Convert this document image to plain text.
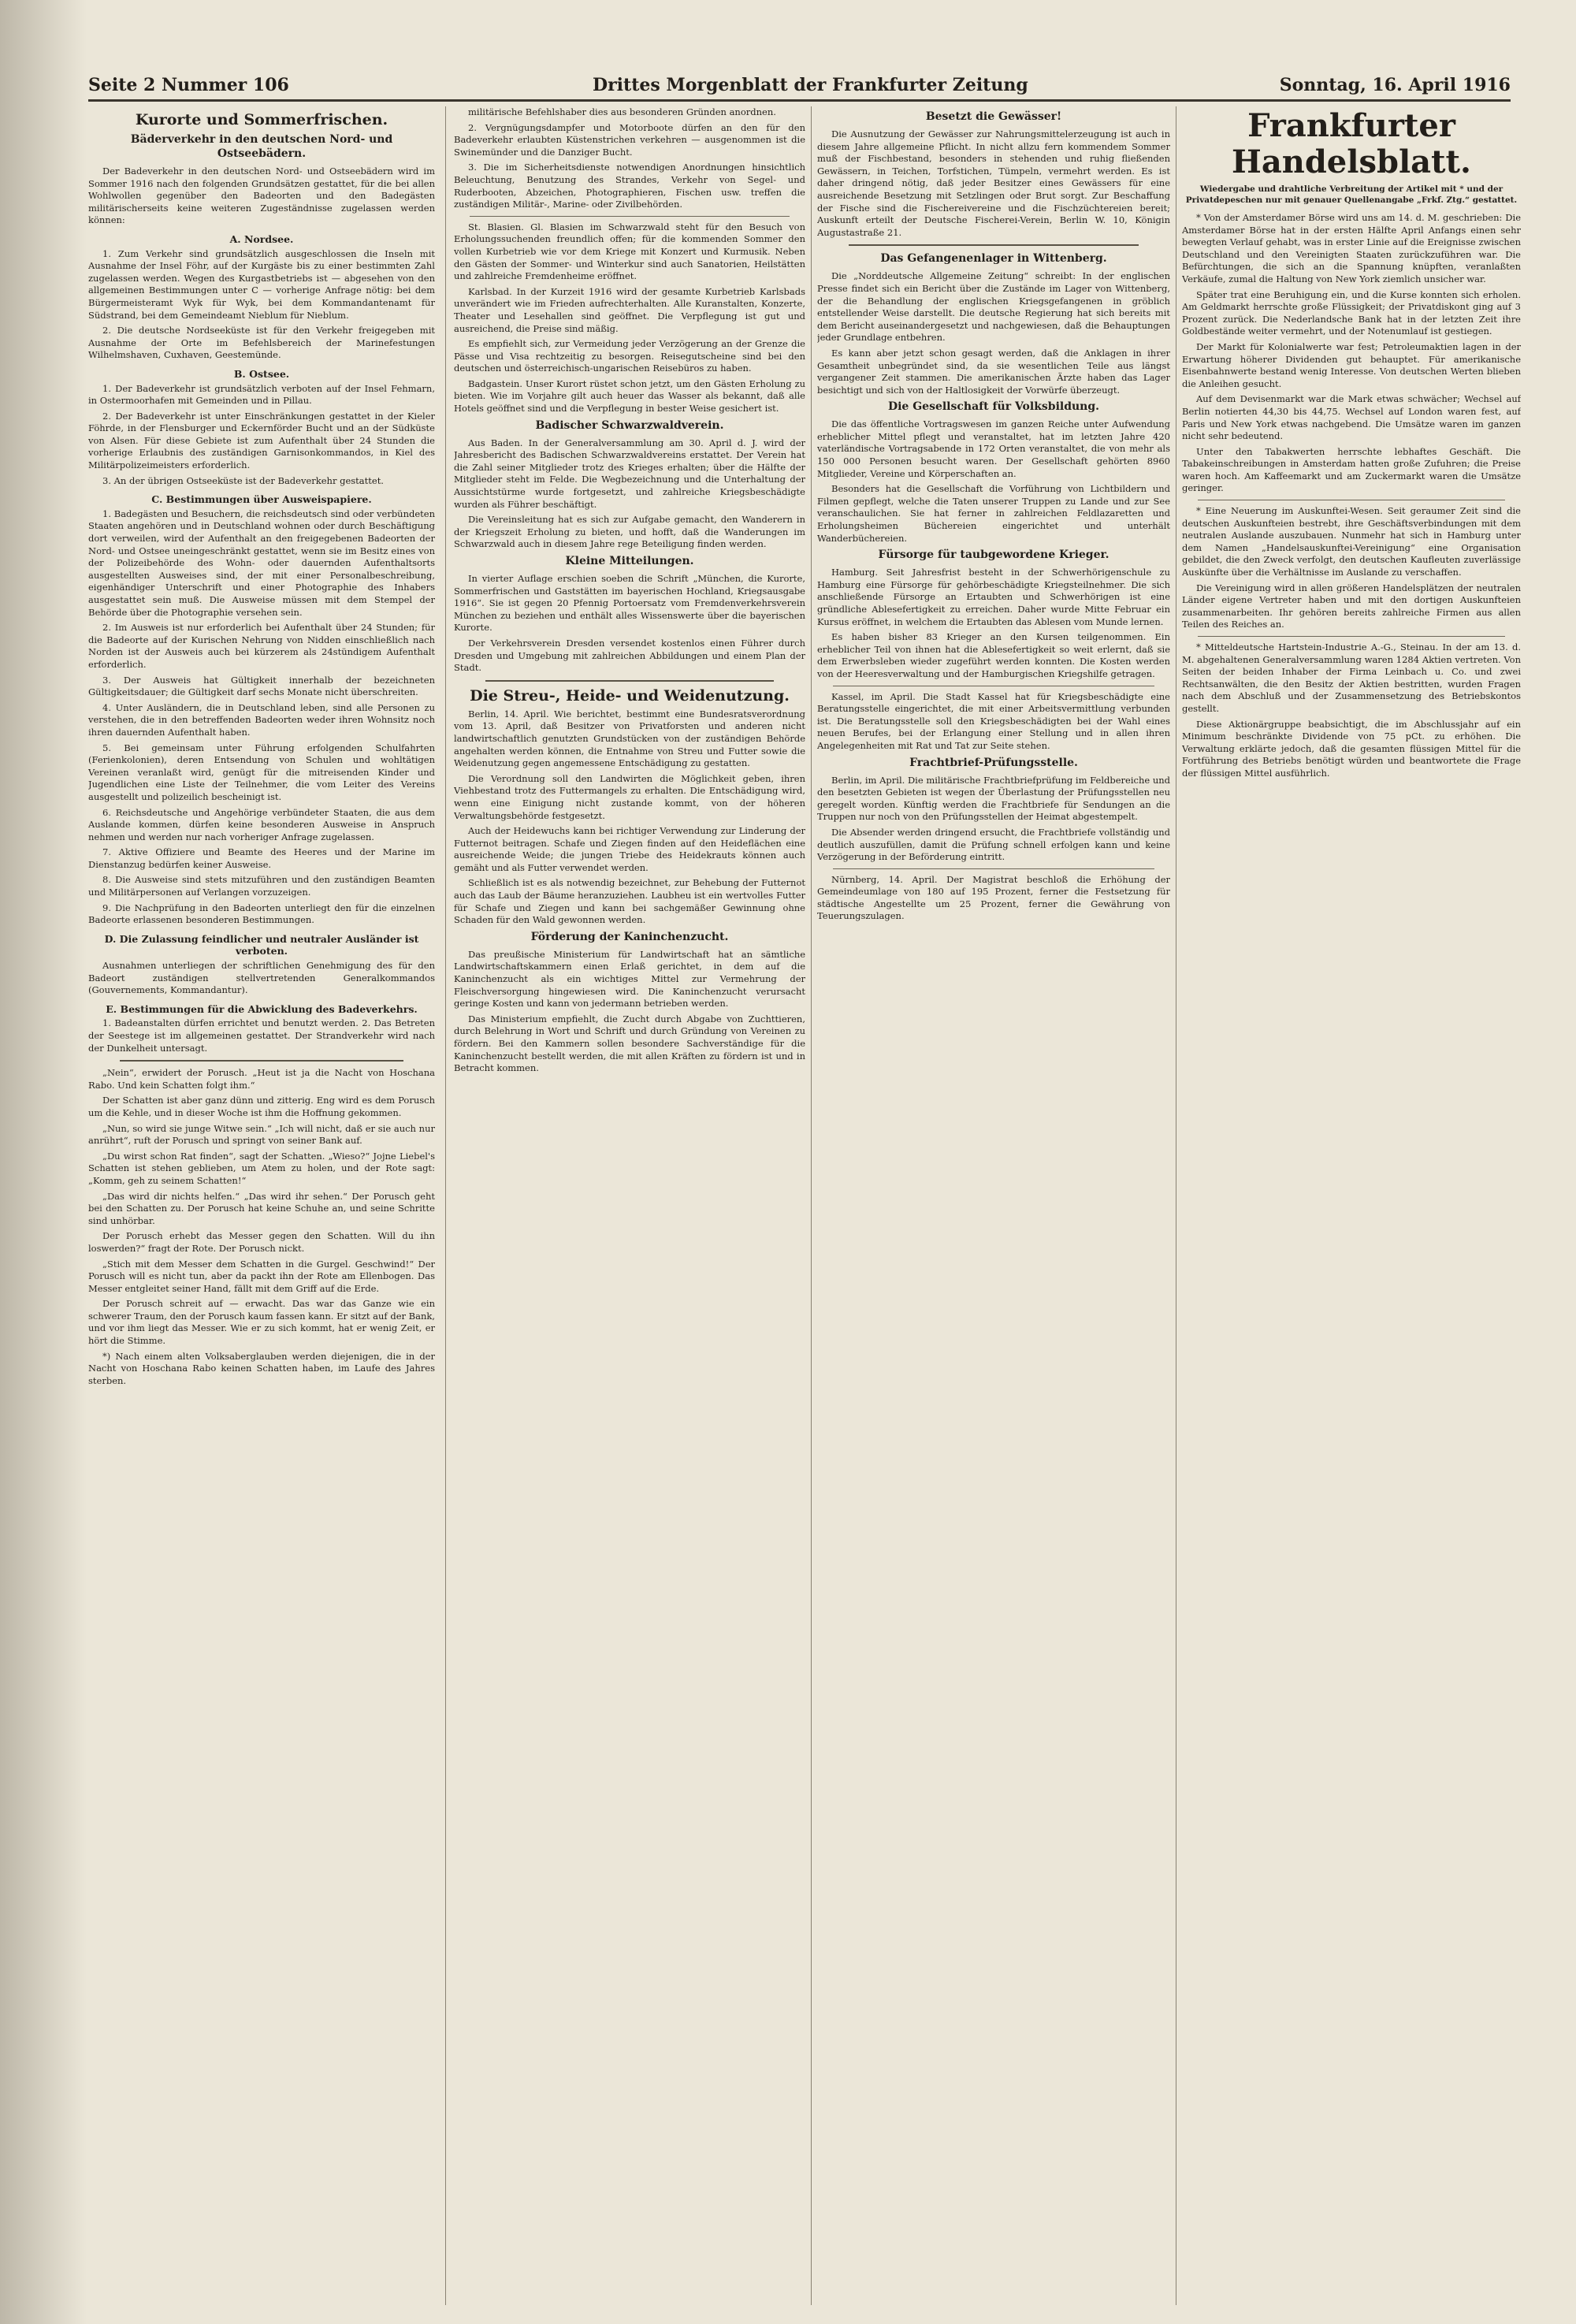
Seite 2 Nummer 106	Drittes Morgenblatt der Frankfurter Zeitung	Sonntag, 16. April 1916
Kurorte und Sommerfrischen.
Bäderverkehr in den deutschen Nord- und Ostseebädern.

Der Badeverkehr in den deutschen Nord- und Ostseebädern wird im Sommer 1916 nach den folgenden Grundsätzen gestattet, für die bei allen Wohlwollen gegenüber den Badeorten und den Badegästen militärischerseits keine weiteren Zugeständnisse zugelassen werden können:

A. Nordsee.

1. Zum Verkehr sind grundsätzlich ausgeschlossen die Inseln mit Ausnahme der Insel Föhr, auf der Kurgäste bis zu einer bestimmten Zahl zugelassen werden. Wegen des Kurgastbetriebs ist — abgesehen von den allgemeinen Bestimmungen unter C — vorherige Anfrage nötig: bei dem Bürgermeisteramt Wyk für Wyk, bei dem Kommandantenamt für Südstrand, bei dem Gemeindeamt Nieblum für Nieblum.

2. Die deutsche Nordseeküste ist für den Verkehr freigegeben mit Ausnahme der Orte im Befehlsbereich der Marinefestungen Wilhelmshaven, Cuxhaven, Geestemünde.

B. Ostsee.

1. Der Badeverkehr ist grundsätzlich verboten auf der Insel Fehmarn, in Ostermoorhafen mit Gemeinden und in Pillau.

2. Der Badeverkehr ist unter Einschränkungen gestattet in der Kieler Föhrde, in der Flensburger und Eckernförder Bucht und an der Südküste von Alsen. Für diese Gebiete ist zum Aufenthalt über 24 Stunden die vorherige Erlaubnis des zuständigen Garnisonkommandos, in Kiel des Militärpolizeimeisters erforderlich.

3. An der übrigen Ostseeküste ist der Badeverkehr gestattet.

C. Bestimmungen über Ausweispapiere.

1. Badegästen und Besuchern, die reichsdeutsch sind oder verbündeten Staaten angehören und in Deutschland wohnen oder durch Beschäftigung dort verweilen, wird der Aufenthalt an den freigegebenen Badeorten der Nord- und Ostsee uneingeschränkt gestattet, wenn sie im Besitz eines von der Polizeibehörde des Wohn- oder dauernden Aufenthaltsorts ausgestellten Ausweises sind, der mit einer Personalbeschreibung, eigenhändiger Unterschrift und einer Photographie des Inhabers ausgestattet sein muß. Die Ausweise müssen mit dem Stempel der Behörde über die Photographie versehen sein.

2. Im Ausweis ist nur erforderlich bei Aufenthalt über 24 Stunden; für die Badeorte auf der Kurischen Nehrung von Nidden einschließlich nach Norden ist der Ausweis auch bei kürzerem als 24stündigem Aufenthalt erforderlich.

3. Der Ausweis hat Gültigkeit innerhalb der bezeichneten Gültigkeitsdauer; die Gültigkeit darf sechs Monate nicht überschreiten.

4. Unter Ausländern, die in Deutschland leben, sind alle Personen zu verstehen, die in den betreffenden Badeorten weder ihren Wohnsitz noch ihren dauernden Aufenthalt haben.

5. Bei gemeinsam unter Führung erfolgenden Schulfahrten (Ferienkolonien), deren Entsendung von Schulen und wohltätigen Vereinen veranlaßt wird, genügt für die mitreisenden Kinder und Jugendlichen eine Liste der Teilnehmer, die vom Leiter des Vereins ausgestellt und polizeilich bescheinigt ist.

6. Reichsdeutsche und Angehörige verbündeter Staaten, die aus dem Auslande kommen, dürfen keine besonderen Ausweise in Anspruch nehmen und werden nur nach vorheriger Anfrage zugelassen.

7. Aktive Offiziere und Beamte des Heeres und der Marine im Dienstanzug bedürfen keiner Ausweise.

8. Die Ausweise sind stets mitzuführen und den zuständigen Beamten und Militärpersonen auf Verlangen vorzuzeigen.

9. Die Nachprüfung in den Badeorten unterliegt den für die einzelnen Badeorte erlassenen besonderen Bestimmungen.

D. Die Zulassung feindlicher und neutraler Ausländer ist verboten.

Ausnahmen unterliegen der schriftlichen Genehmigung des für den Badeort zuständigen stellvertretenden Generalkommandos (Gouvernements, Kommandantur).

E. Bestimmungen für die Abwicklung des Badeverkehrs.

1. Badeanstalten dürfen errichtet und benutzt werden. 2. Das Betreten der Seestege ist im allgemeinen gestattet. Der Strandverkehr wird nach der Dunkelheit untersagt.

„Nein“, erwidert der Porusch. „Heut ist ja die Nacht von Hoschana Rabo. Und kein Schatten folgt ihm.“

Der Schatten ist aber ganz dünn und zitterig. Eng wird es dem Porusch um die Kehle, und in dieser Woche ist ihm die Hoffnung gekommen.

„Nun, so wird sie junge Witwe sein.“ „Ich will nicht, daß er sie auch nur anrührt“, ruft der Porusch und springt von seiner Bank auf.

„Du wirst schon Rat finden“, sagt der Schatten. „Wieso?“ Jojne Liebel's Schatten ist stehen geblieben, um Atem zu holen, und der Rote sagt: „Komm, geh zu seinem Schatten!“

„Das wird dir nichts helfen.“ „Das wird ihr sehen.“ Der Porusch geht bei den Schatten zu. Der Porusch hat keine Schuhe an, und seine Schritte sind unhörbar.

Der Porusch erhebt das Messer gegen den Schatten. Will du ihn loswerden?“ fragt der Rote. Der Porusch nickt.

„Stich mit dem Messer dem Schatten in die Gurgel. Geschwind!“ Der Porusch will es nicht tun, aber da packt ihn der Rote am Ellenbogen. Das Messer entgleitet seiner Hand, fällt mit dem Griff auf die Erde.

Der Porusch schreit auf — erwacht. Das war das Ganze wie ein schwerer Traum, den der Porusch kaum fassen kann. Er sitzt auf der Bank, und vor ihm liegt das Messer. Wie er zu sich kommt, hat er wenig Zeit, er hört die Stimme.

*) Nach einem alten Volksaberglauben werden diejenigen, die in der Nacht von Hoschana Rabo keinen Schatten haben, im Laufe des Jahres sterben.

militärische Befehlshaber dies aus besonderen Gründen anordnen.

2. Vergnügungsdampfer und Motorboote dürfen an den für den Badeverkehr erlaubten Küstenstrichen verkehren — ausgenommen ist die Swinemünder und die Danziger Bucht.

3. Die im Sicherheitsdienste notwendigen Anordnungen hinsichtlich Beleuchtung, Benutzung des Strandes, Verkehr von Segel- und Ruderbooten, Abzeichen, Photographieren, Fischen usw. treffen die zuständigen Militär-, Marine- oder Zivilbehörden.

St. Blasien. Gl. Blasien im Schwarzwald steht für den Besuch von Erholungssuchenden freundlich offen; für die kommenden Sommer den vollen Kurbetrieb wie vor dem Kriege mit Konzert und Kurmusik. Neben den Gästen der Sommer- und Winterkur sind auch Sanatorien, Heilstätten und zahlreiche Fremdenheime eröffnet.

Karlsbad. In der Kurzeit 1916 wird der gesamte Kurbetrieb Karlsbads unverändert wie im Frieden aufrechterhalten. Alle Kuranstalten, Konzerte, Theater und Lesehallen sind geöffnet. Die Verpflegung ist gut und ausreichend, die Preise sind mäßig.

Es empfiehlt sich, zur Vermeidung jeder Verzögerung an der Grenze die Pässe und Visa rechtzeitig zu besorgen. Reisegutscheine sind bei den deutschen und österreichisch-ungarischen Reisebüros zu haben.

Badgastein. Unser Kurort rüstet schon jetzt, um den Gästen Erholung zu bieten. Wie im Vorjahre gilt auch heuer das Wasser als bekannt, daß alle Hotels geöffnet sind und die Verpflegung in bester Weise gesichert ist.

Badischer Schwarzwaldverein.

Aus Baden. In der Generalversammlung am 30. April d. J. wird der Jahresbericht des Badischen Schwarzwaldvereins erstattet. Der Verein hat die Zahl seiner Mitglieder trotz des Krieges erhalten; über die Hälfte der Mitglieder steht im Felde. Die Wegbezeichnung und die Unterhaltung der Aussichtstürme wurde fortgesetzt, und zahlreiche Kriegsbeschädigte wurden als Führer beschäftigt.

Die Vereinsleitung hat es sich zur Aufgabe gemacht, den Wanderern in der Kriegszeit Erholung zu bieten, und hofft, daß die Wanderungen im Schwarzwald auch in diesem Jahre rege Beteiligung finden werden.

Kleine Mitteilungen.

In vierter Auflage erschien soeben die Schrift „München, die Kurorte, Sommerfrischen und Gaststätten im bayerischen Hochland, Kriegsausgabe 1916“. Sie ist gegen 20 Pfennig Portoersatz vom Fremdenverkehrsverein München zu beziehen und enthält alles Wissenswerte über die bayerischen Kurorte.

Der Verkehrsverein Dresden versendet kostenlos einen Führer durch Dresden und Umgebung mit zahlreichen Abbildungen und einem Plan der Stadt.

Die Streu-, Heide- und Weidenutzung.

Berlin, 14. April. Wie berichtet, bestimmt eine Bundesratsverordnung vom 13. April, daß Besitzer von Privatforsten und anderen nicht landwirtschaftlich genutzten Grundstücken von der zuständigen Behörde angehalten werden können, die Entnahme von Streu und Futter sowie die Weidenutzung gegen angemessene Entschädigung zu gestatten.

Die Verordnung soll den Landwirten die Möglichkeit geben, ihren Viehbestand trotz des Futtermangels zu erhalten. Die Entschädigung wird, wenn eine Einigung nicht zustande kommt, von der höheren Verwaltungsbehörde festgesetzt.

Auch der Heidewuchs kann bei richtiger Verwendung zur Linderung der Futternot beitragen. Schafe und Ziegen finden auf den Heideflächen eine ausreichende Weide; die jungen Triebe des Heidekrauts können auch gemäht und als Futter verwendet werden.

Schließlich ist es als notwendig bezeichnet, zur Behebung der Futternot auch das Laub der Bäume heranzuziehen. Laubheu ist ein wertvolles Futter für Schafe und Ziegen und kann bei sachgemäßer Gewinnung ohne Schaden für den Wald gewonnen werden.

Förderung der Kaninchenzucht.

Das preußische Ministerium für Landwirtschaft hat an sämtliche Landwirtschaftskammern einen Erlaß gerichtet, in dem auf die Kaninchenzucht als ein wichtiges Mittel zur Vermehrung der Fleischversorgung hingewiesen wird. Die Kaninchenzucht verursacht geringe Kosten und kann von jedermann betrieben werden.

Das Ministerium empfiehlt, die Zucht durch Abgabe von Zuchttieren, durch Belehrung in Wort und Schrift und durch Gründung von Vereinen zu fördern. Bei den Kammern sollen besondere Sachverständige für die Kaninchenzucht bestellt werden, die mit allen Kräften zu fördern ist und in Betracht kommen.

Besetzt die Gewässer!

Die Ausnutzung der Gewässer zur Nahrungsmittelerzeugung ist auch in diesem Jahre allgemeine Pflicht. In nicht allzu fern kommendem Sommer muß der Fischbestand, besonders in stehenden und ruhig fließenden Gewässern, in Teichen, Torfstichen, Tümpeln, vermehrt werden. Es ist daher dringend nötig, daß jeder Besitzer eines Gewässers für eine ausreichende Besetzung mit Setzlingen oder Brut sorgt. Zur Beschaffung der Fische sind die Fischereivereine und die Fischzüchtereien bereit; Auskunft erteilt der Deutsche Fischerei-Verein, Berlin W. 10, Königin Augustastraße 21.

Das Gefangenenlager in Wittenberg.

Die „Norddeutsche Allgemeine Zeitung“ schreibt: In der englischen Presse findet sich ein Bericht über die Zustände im Lager von Wittenberg, der die Behandlung der englischen Kriegsgefangenen in gröblich entstellender Weise darstellt. Die deutsche Regierung hat sich bereits mit dem Bericht auseinandergesetzt und nachgewiesen, daß die Behauptungen jeder Grundlage entbehren.

Es kann aber jetzt schon gesagt werden, daß die Anklagen in ihrer Gesamtheit unbegründet sind, da sie wesentlichen Teile aus längst vergangener Zeit stammen. Die amerikanischen Ärzte haben das Lager besichtigt und sich von der Haltlosigkeit der Vorwürfe überzeugt.

Die Gesellschaft für Volksbildung.

Die das öffentliche Vortragswesen im ganzen Reiche unter Aufwendung erheblicher Mittel pflegt und veranstaltet, hat im letzten Jahre 420 vaterländische Vortragsabende in 172 Orten veranstaltet, die von mehr als 150 000 Personen besucht waren. Der Gesellschaft gehörten 8960 Mitglieder, Vereine und Körperschaften an.

Besonders hat die Gesellschaft die Vorführung von Lichtbildern und Filmen gepflegt, welche die Taten unserer Truppen zu Lande und zur See veranschaulichen. Sie hat ferner in zahlreichen Feldlazaretten und Erholungsheimen Büchereien eingerichtet und unterhält Wanderbüchereien.

Fürsorge für taubgewordene Krieger.

Hamburg. Seit Jahresfrist besteht in der Schwerhörigenschule zu Hamburg eine Fürsorge für gehörbeschädigte Kriegsteilnehmer. Die sich anschließende Fürsorge an Ertaubten und Schwerhörigen ist eine gründliche Ablesefertigkeit zu erreichen. Daher wurde Mitte Februar ein Kursus eröffnet, in welchem die Ertaubten das Ablesen vom Munde lernen.

Es haben bisher 83 Krieger an den Kursen teilgenommen. Ein erheblicher Teil von ihnen hat die Ablesefertigkeit so weit erlernt, daß sie dem Erwerbsleben wieder zugeführt werden konnten. Die Kosten werden von der Heeresverwaltung und der Hamburgischen Kriegshilfe getragen.

Kassel, im April. Die Stadt Kassel hat für Kriegsbeschädigte eine Beratungsstelle eingerichtet, die mit einer Arbeitsvermittlung verbunden ist. Die Beratungsstelle soll den Kriegsbeschädigten bei der Wahl eines neuen Berufes, bei der Erlangung einer Stellung und in allen ihren Angelegenheiten mit Rat und Tat zur Seite stehen.

Frachtbrief-Prüfungsstelle.

Berlin, im April. Die militärische Frachtbriefprüfung im Feldbereiche und den besetzten Gebieten ist wegen der Überlastung der Prüfungsstellen neu geregelt worden. Künftig werden die Frachtbriefe für Sendungen an die Truppen nur noch von den Prüfungsstellen der Heimat abgestempelt.

Die Absender werden dringend ersucht, die Frachtbriefe vollständig und deutlich auszufüllen, damit die Prüfung schnell erfolgen kann und keine Verzögerung in der Beförderung eintritt.

Nürnberg, 14. April. Der Magistrat beschloß die Erhöhung der Gemeindeumlage von 180 auf 195 Prozent, ferner die Festsetzung für städtische Angestellte um 25 Prozent, ferner die Gewährung von Teuerungszulagen.

Frankfurter Handelsblatt.
Wiedergabe und drahtliche Verbreitung der Artikel mit * und der Privatdepeschen nur mit genauer Quellenangabe „Frkf. Ztg.“ gestattet.

* Von der Amsterdamer Börse wird uns am 14. d. M. geschrieben: Die Amsterdamer Börse hat in der ersten Hälfte April Anfangs einen sehr bewegten Verlauf gehabt, was in erster Linie auf die Ereignisse zwischen Deutschland und den Vereinigten Staaten zurückzuführen war. Die Befürchtungen, die sich an die Spannung knüpften, veranlaßten Verkäufe, zumal die Haltung von New York ziemlich unsicher war.

Später trat eine Beruhigung ein, und die Kurse konnten sich erholen. Am Geldmarkt herrschte große Flüssigkeit; der Privatdiskont ging auf 3 Prozent zurück. Die Nederlandsche Bank hat in der letzten Zeit ihre Goldbestände weiter vermehrt, und der Notenumlauf ist gestiegen.

Der Markt für Kolonialwerte war fest; Petroleumaktien lagen in der Erwartung höherer Dividenden gut behauptet. Für amerikanische Eisenbahnwerte bestand wenig Interesse. Von deutschen Werten blieben die Anleihen gesucht.

Auf dem Devisenmarkt war die Mark etwas schwächer; Wechsel auf Berlin notierten 44,30 bis 44,75. Wechsel auf London waren fest, auf Paris und New York etwas nachgebend. Die Umsätze waren im ganzen nicht sehr bedeutend.

Unter den Tabakwerten herrschte lebhaftes Geschäft. Die Tabakeinschreibungen in Amsterdam hatten große Zufuhren; die Preise waren hoch. Am Kaffeemarkt und am Zuckermarkt waren die Umsätze geringer.

* Eine Neuerung im Auskunftei-Wesen. Seit geraumer Zeit sind die deutschen Auskunfteien bestrebt, ihre Geschäftsverbindungen mit dem neutralen Auslande auszubauen. Nunmehr hat sich in Hamburg unter dem Namen „Handelsauskunftei-Vereinigung“ eine Organisation gebildet, die den Zweck verfolgt, den deutschen Kaufleuten zuverlässige Auskünfte über die Verhältnisse im Auslande zu verschaffen.

Die Vereinigung wird in allen größeren Handelsplätzen der neutralen Länder eigene Vertreter haben und mit den dortigen Auskunfteien zusammenarbeiten. Ihr gehören bereits zahlreiche Firmen aus allen Teilen des Reiches an.

* Mitteldeutsche Hartstein-Industrie A.-G., Steinau. In der am 13. d. M. abgehaltenen Generalversammlung waren 1284 Aktien vertreten. Von Seiten der beiden Inhaber der Firma Leinbach u. Co. und zwei Rechtsanwälten, die den Besitz der Aktien bestritten, wurden Fragen nach dem Abschluß und der Zusammensetzung des Betriebskontos gestellt.

Diese Aktionärgruppe beabsichtigt, die im Abschlussjahr auf ein Minimum beschränkte Dividende von 75 pCt. zu erhöhen. Die Verwaltung erklärte jedoch, daß die gesamten flüssigen Mittel für die Fortführung des Betriebs benötigt würden und beantwortete die Frage der flüssigen Mittel ausführlich.
